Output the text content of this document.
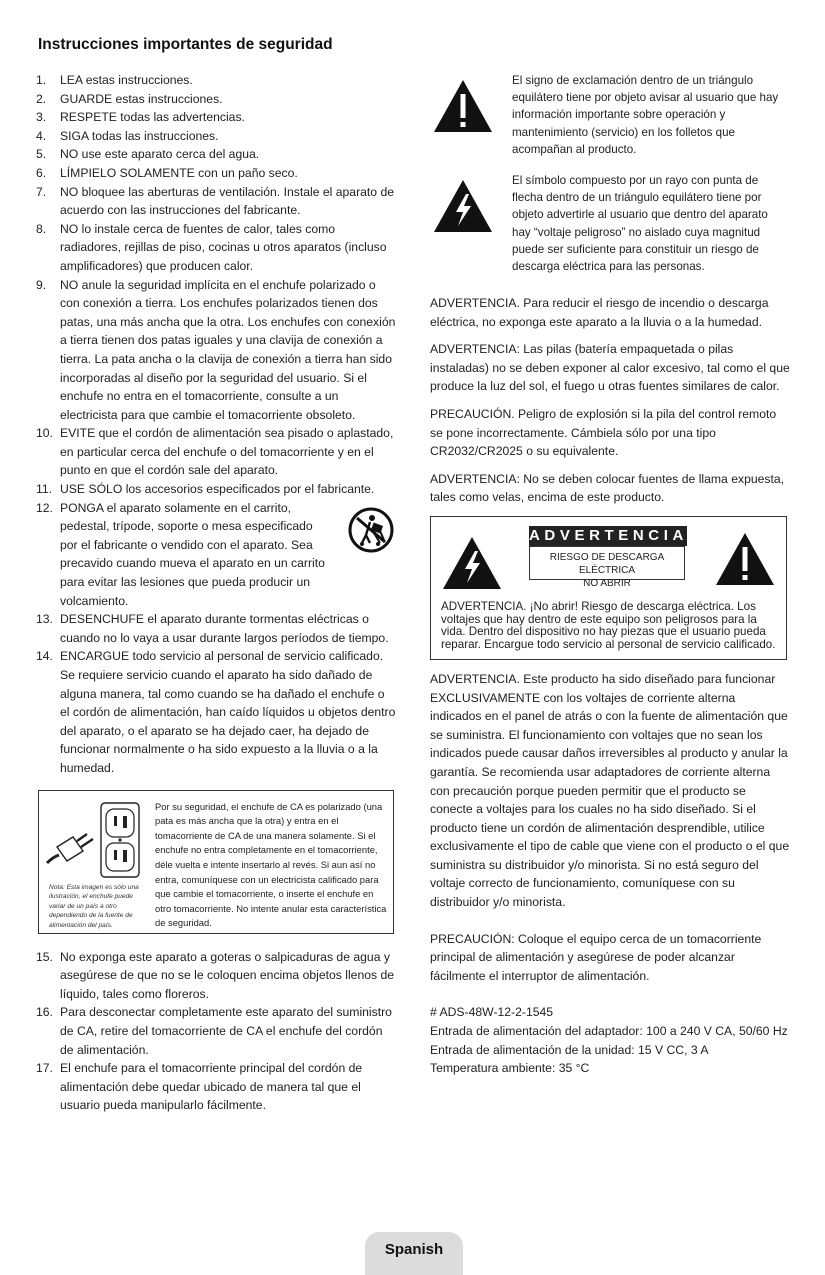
Instrucciones importantes de seguridad
1. LEA estas instrucciones.
2. GUARDE estas instrucciones.
3. RESPETE todas las advertencias.
4. SIGA todas las instrucciones.
5. NO use este aparato cerca del agua.
6. LÍMPIELO SOLAMENTE con un paño seco.
7. NO bloquee las aberturas de ventilación. Instale el aparato de acuerdo con las instrucciones del fabricante.
8. NO lo instale cerca de fuentes de calor, tales como radiadores, rejillas de piso, cocinas u otros aparatos (incluso amplificadores) que producen calor.
9. NO anule la seguridad implícita en el enchufe polarizado o con conexión a tierra. Los enchufes polarizados tienen dos patas, una más ancha que la otra. Los enchufes con conexión a tierra tienen dos patas iguales y una clavija de conexión a tierra. La pata ancha o la clavija de conexión a tierra han sido incorporadas al diseño por la seguridad del usuario. Si el enchufe no entra en el tomacorriente, consulte a un electricista para que cambie el tomacorriente obsoleto.
10. EVITE que el cordón de alimentación sea pisado o aplastado, en particular cerca del enchufe o del tomacorriente y en el punto en que el cordón sale del aparato.
11. USE SÓLO los accesorios especificados por el fabricante.
12. PONGA el aparato solamente en el carrito, pedestal, trípode, soporte o mesa especificado por el fabricante o vendido con el aparato. Sea precavido cuando mueva el aparato en un carrito para evitar las lesiones que pueda producir un volcamiento.
13. DESENCHUFE el aparato durante tormentas eléctricas o cuando no lo vaya a usar durante largos períodos de tiempo.
14. ENCARGUE todo servicio al personal de servicio calificado. Se requiere servicio cuando el aparato ha sido dañado de alguna manera, tal como cuando se ha dañado el enchufe o el cordón de alimentación, han caído líquidos u objetos dentro del aparato, o el aparato se ha dejado caer, ha dejado de funcionar normalmente o ha sido expuesto a la lluvia o a la humedad.
Nota: Esta imagen es sólo una ilustración, el enchufe puede variar de un país a otro dependiendo de la fuente de alimentación del país.
Por su seguridad, el enchufe de CA es polarizado (una pata es más ancha que la otra) y entra en el tomacorriente de CA de una manera solamente. Si el enchufe no entra completamente en el tomacorriente, déle vuelta e intente insertarlo al revés. Si aun así no entra, comuníquese con un electricista calificado para que cambie el tomacorriente, o inserte el enchufe en otro tomacorriente. No intente anular esta característica de seguridad.
15. No exponga este aparato a goteras o salpicaduras de agua y asegúrese de que no se le coloquen encima objetos llenos de líquido, tales como floreros.
16. Para desconectar completamente este aparato del suministro de CA, retire del tomacorriente de CA el enchufe del cordón de alimentación.
17. El enchufe para el tomacorriente principal del cordón de alimentación debe quedar ubicado de manera tal que el usuario pueda manipularlo fácilmente.
El signo de exclamación dentro de un triángulo equilátero tiene por objeto avisar al usuario que hay información importante sobre operación y mantenimiento (servicio) en los folletos que acompañan al producto.
El símbolo compuesto por un rayo con punta de flecha dentro de un triángulo equilátero tiene por objeto advertirle al usuario que dentro del aparato hay “voltaje peligroso” no aislado cuya magnitud puede ser suficiente para constituir un riesgo de descarga eléctrica para las personas.

ADVERTENCIA. Para reducir el riesgo de incendio o descarga eléctrica, no exponga este aparato a la lluvia o a la humedad.

ADVERTENCIA: Las pilas (batería empaquetada o pilas instaladas) no se deben exponer al calor excesivo, tal como el que produce la luz del sol, el fuego u otras fuentes similares de calor.

PRECAUCIÓN. Peligro de explosión si la pila del control remoto se pone incorrectamente. Cámbiela sólo por una tipo CR2032/CR2025 o su equivalente.

ADVERTENCIA: No se deben colocar fuentes de llama expuesta, tales como velas, encima de este producto.

ADVERTENCIA
RIESGO DE DESCARGA ELÉCTRICA
NO ABRIR
ADVERTENCIA. ¡No abrir! Riesgo de descarga eléctrica. Los voltajes que hay dentro de este equipo son peligrosos para la vida. Dentro del dispositivo no hay piezas que el usuario pueda reparar. Encargue todo servicio al personal de servicio calificado.

ADVERTENCIA. Este producto ha sido diseñado para funcionar EXCLUSIVAMENTE con los voltajes de corriente alterna indicados en el panel de atrás o con la fuente de alimentación que se suministra. El funcionamiento con voltajes que no sean los indicados puede causar daños irreversibles al producto y anular la garantía. Se recomienda usar adaptadores de corriente alterna con precaución porque pueden permitir que el producto se conecte a voltajes para los cuales no ha sido diseñado. Si el producto tiene un cordón de alimentación desprendible, utilice exclusivamente el tipo de cable que viene con el producto o el que suministra su distribuidor y/o minorista. Si no está seguro del voltaje correcto de funcionamiento, comuníquese con su distribuidor y/o minorista.

PRECAUCIÓN: Coloque el equipo cerca de un tomacorriente principal de alimentación y asegúrese de poder alcanzar fácilmente el interruptor de alimentación.

# ADS-48W-12-2-1545
Entrada de alimentación del adaptador: 100 a 240 V CA, 50/60 Hz
Entrada de alimentación de la unidad: 15 V CC, 3 A
Temperatura ambiente: 35 °C
Spanish
